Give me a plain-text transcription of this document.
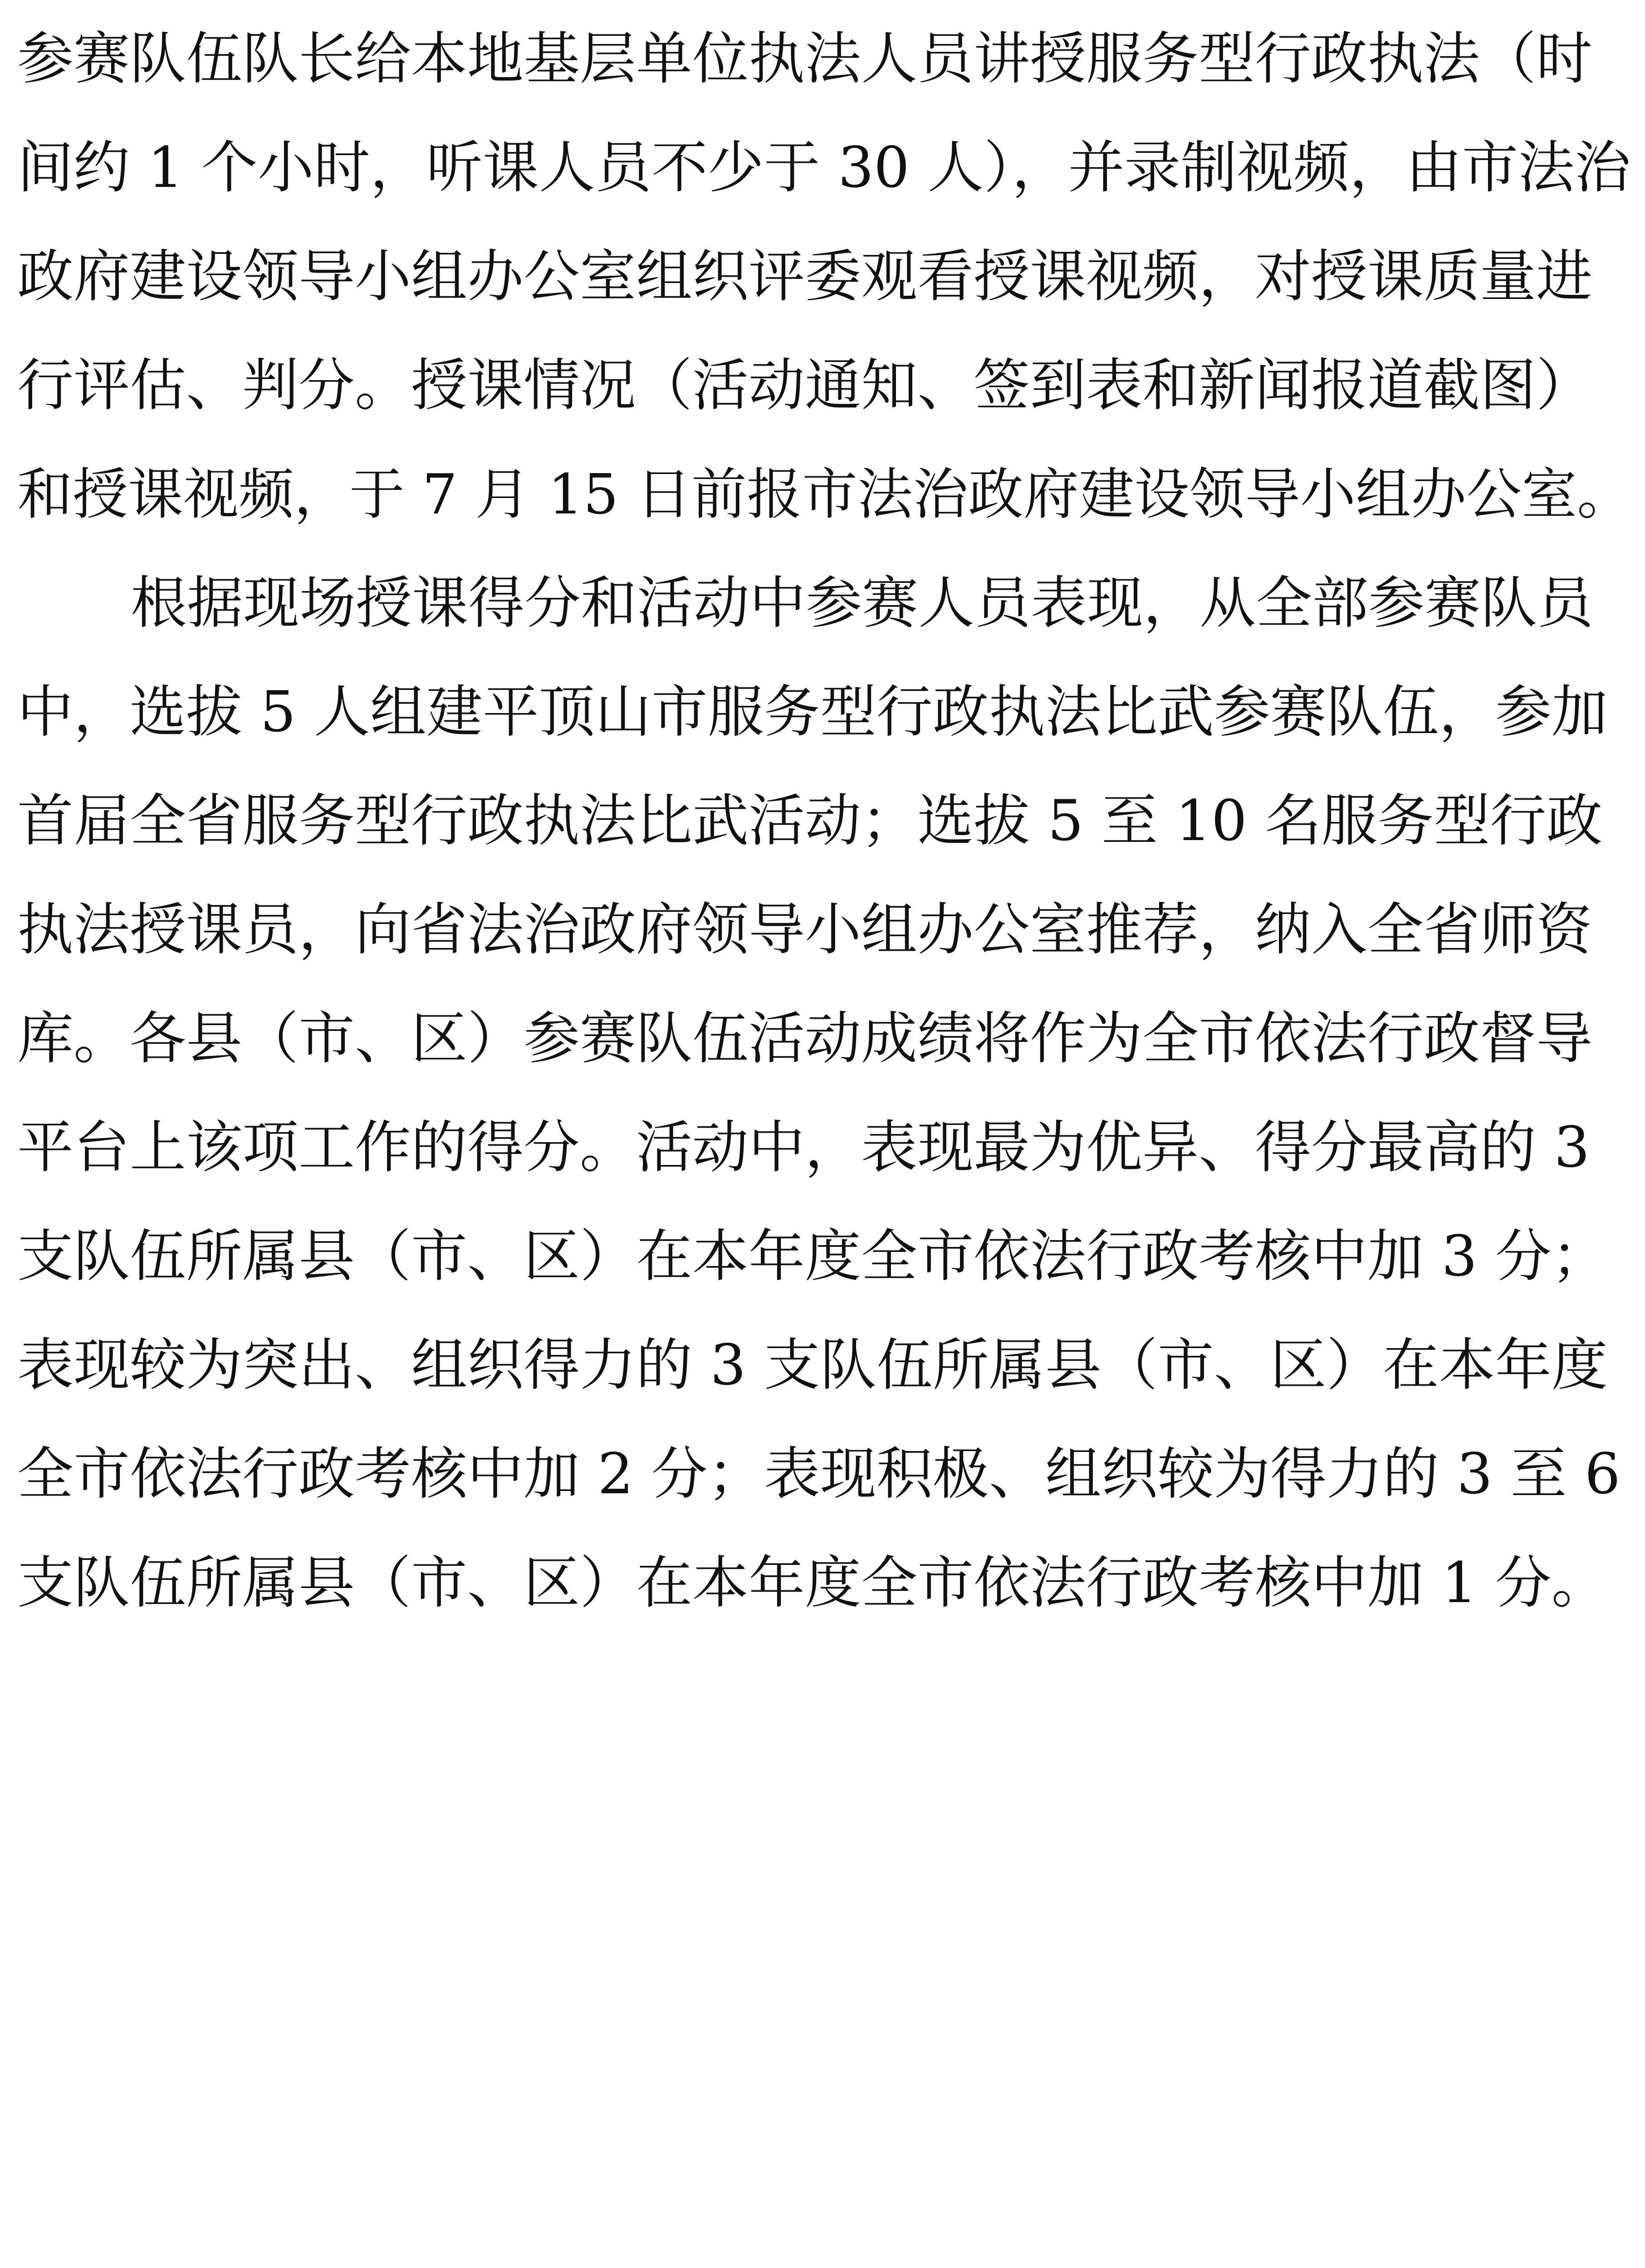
参赛队伍队长给本地基层单位执法人员讲授服务型行政执法（时
间约 1 个小时，听课人员不少于 30 人），并录制视频，由市法治
政府建设领导小组办公室组织评委观看授课视频，对授课质量进
行评估、判分。授课情况（活动通知、签到表和新闻报道截图）
和授课视频，于 7 月 15 日前报市法治政府建设领导小组办公室。
根据现场授课得分和活动中参赛人员表现，从全部参赛队员
中，选拔 5 人组建平顶山市服务型行政执法比武参赛队伍，参加
首届全省服务型行政执法比武活动；选拔 5 至 10 名服务型行政
执法授课员，向省法治政府领导小组办公室推荐，纳入全省师资
库。各县（市、区）参赛队伍活动成绩将作为全市依法行政督导
平台上该项工作的得分。活动中，表现最为优异、得分最高的 3
支队伍所属县（市、区）在本年度全市依法行政考核中加 3 分；
表现较为突出、组织得力的 3 支队伍所属县（市、区）在本年度
全市依法行政考核中加 2 分；表现积极、组织较为得力的 3 至 6
支队伍所属县（市、区）在本年度全市依法行政考核中加 1 分。
